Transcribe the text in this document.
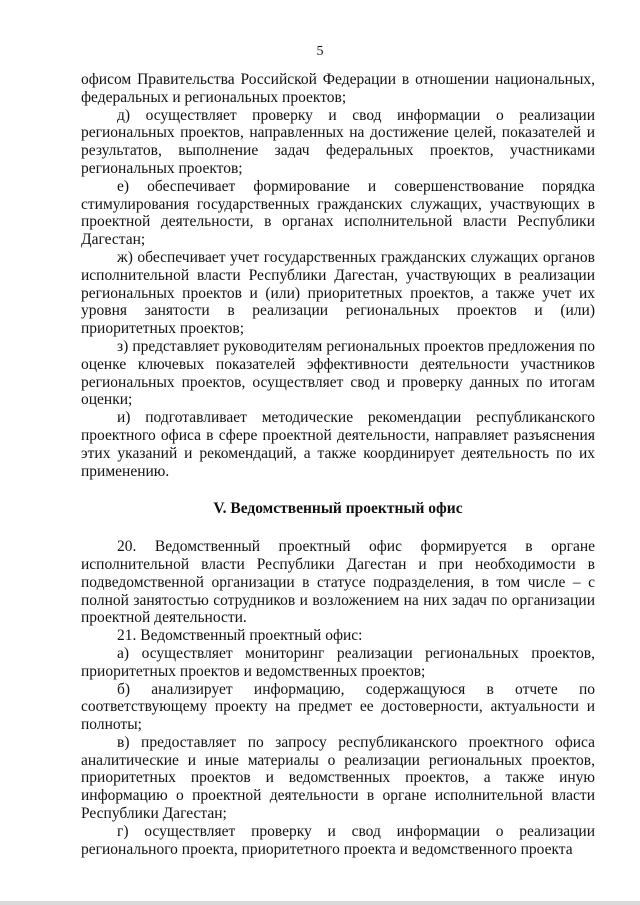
5

офисом Правительства Российской Федерации в отношении национальных, федеральных и региональных проектов;

д) осуществляет проверку и свод информации о реализации региональных проектов, направленных на достижение целей, показателей и результатов, выполнение задач федеральных проектов, участниками региональных проектов;

е) обеспечивает формирование и совершенствование порядка стимулирования государственных гражданских служащих, участвующих в проектной деятельности, в органах исполнительной власти Республики Дагестан;

ж) обеспечивает учет государственных гражданских служащих органов исполнительной власти Республики Дагестан, участвующих в реализации региональных проектов и (или) приоритетных проектов, а также учет их уровня занятости в реализации региональных проектов и (или) приоритетных проектов;

з) представляет руководителям региональных проектов предложения по оценке ключевых показателей эффективности деятельности участников региональных проектов, осуществляет свод и проверку данных по итогам оценки;

и) подготавливает методические рекомендации республиканского проектного офиса в сфере проектной деятельности, направляет разъяснения этих указаний и рекомендаций, а также координирует деятельность по их применению.

V. Ведомственный проектный офис

20. Ведомственный проектный офис формируется в органе исполнительной власти Республики Дагестан и при необходимости в подведомственной организации в статусе подразделения, в том числе – с полной занятостью сотрудников и возложением на них задач по организации проектной деятельности.

21. Ведомственный проектный офис:

а) осуществляет мониторинг реализации региональных проектов, приоритетных проектов и ведомственных проектов;

б) анализирует информацию, содержащуюся в отчете по соответствующему проекту на предмет ее достоверности, актуальности и полноты;

в) предоставляет по запросу республиканского проектного офиса аналитические и иные материалы о реализации региональных проектов, приоритетных проектов и ведомственных проектов, а также иную информацию о проектной деятельности в органе исполнительной власти Республики Дагестан;

г) осуществляет проверку и свод информации о реализации регионального проекта, приоритетного проекта и ведомственного проекта
